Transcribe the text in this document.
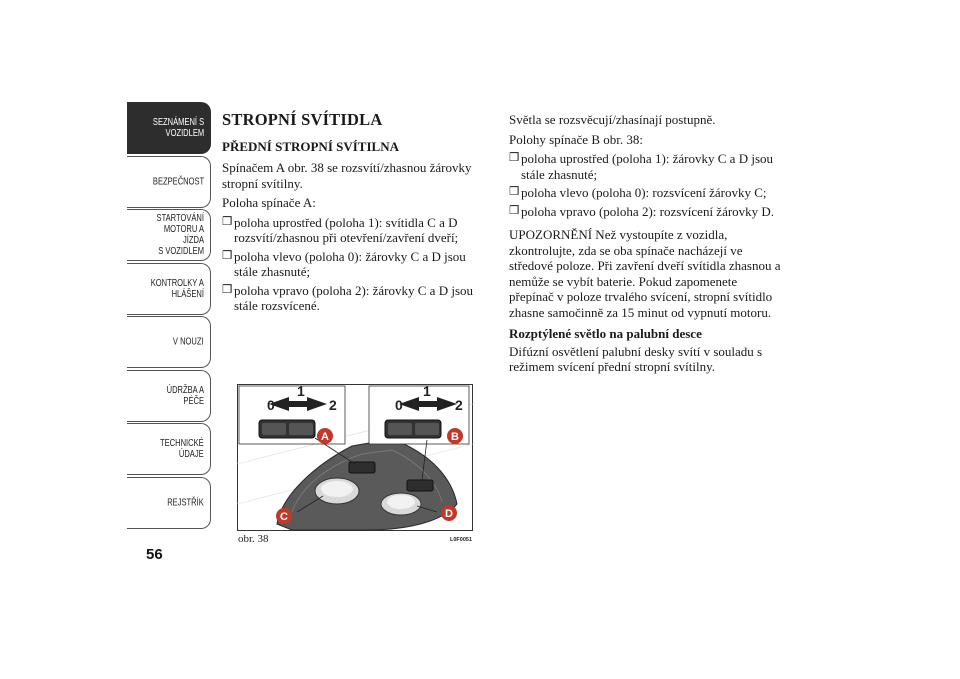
SEZNÁMENÍ S
VOZIDLEM
BEZPEČNOST
STARTOVÁNÍ
MOTORU A JÍZDA
S VOZIDLEM
KONTROLKY A
HLÁŠENÍ
V NOUZI
ÚDRŽBA A PÉČE
TECHNICKÉ
ÚDAJE
REJSTŘÍK
56
STROPNÍ SVÍTIDLA
PŘEDNÍ STROPNÍ SVÍTILNA

Spínačem A obr. 38 se rozsvítí/zhasnou žárovky stropní svítilny.

Poloha spínače A:

❒ poloha uprostřed (poloha 1): svítidla C a D rozsvítí/zhasnou při otevření/zavření dveří;
❒ poloha vlevo (poloha 0): žárovky C a D jsou stále zhasnuté;
❒ poloha vpravo (poloha 2): žárovky C a D jsou stále rozsvícené.

Světla se rozsvěcují/zhasínají postupně.

Polohy spínače B obr. 38:

❒ poloha uprostřed (poloha 1): žárovky C a D jsou stále zhasnuté;
❒ poloha vlevo (poloha 0): rozsvícení žárovky C;
❒ poloha vpravo (poloha 2): rozsvícení žárovky D.

UPOZORNĚNÍ Než vystoupíte z vozidla, zkontrolujte, zda se oba spínače nacházejí ve středové poloze. Při zavření dveří svítidla zhasnou a nemůže se vybít baterie. Pokud zapomenete přepínač v poloze trvalého svícení, stropní svítidlo zhasne samočinně za 15 minut od vypnutí motoru.

Rozptýlené světlo na palubní desce

Difúzní osvětlení palubní desky svítí v souladu s režimem svícení přední stropní svítilny.

A	B
C	D
0
1
2	0
1
2
obr. 38	L0F0051
